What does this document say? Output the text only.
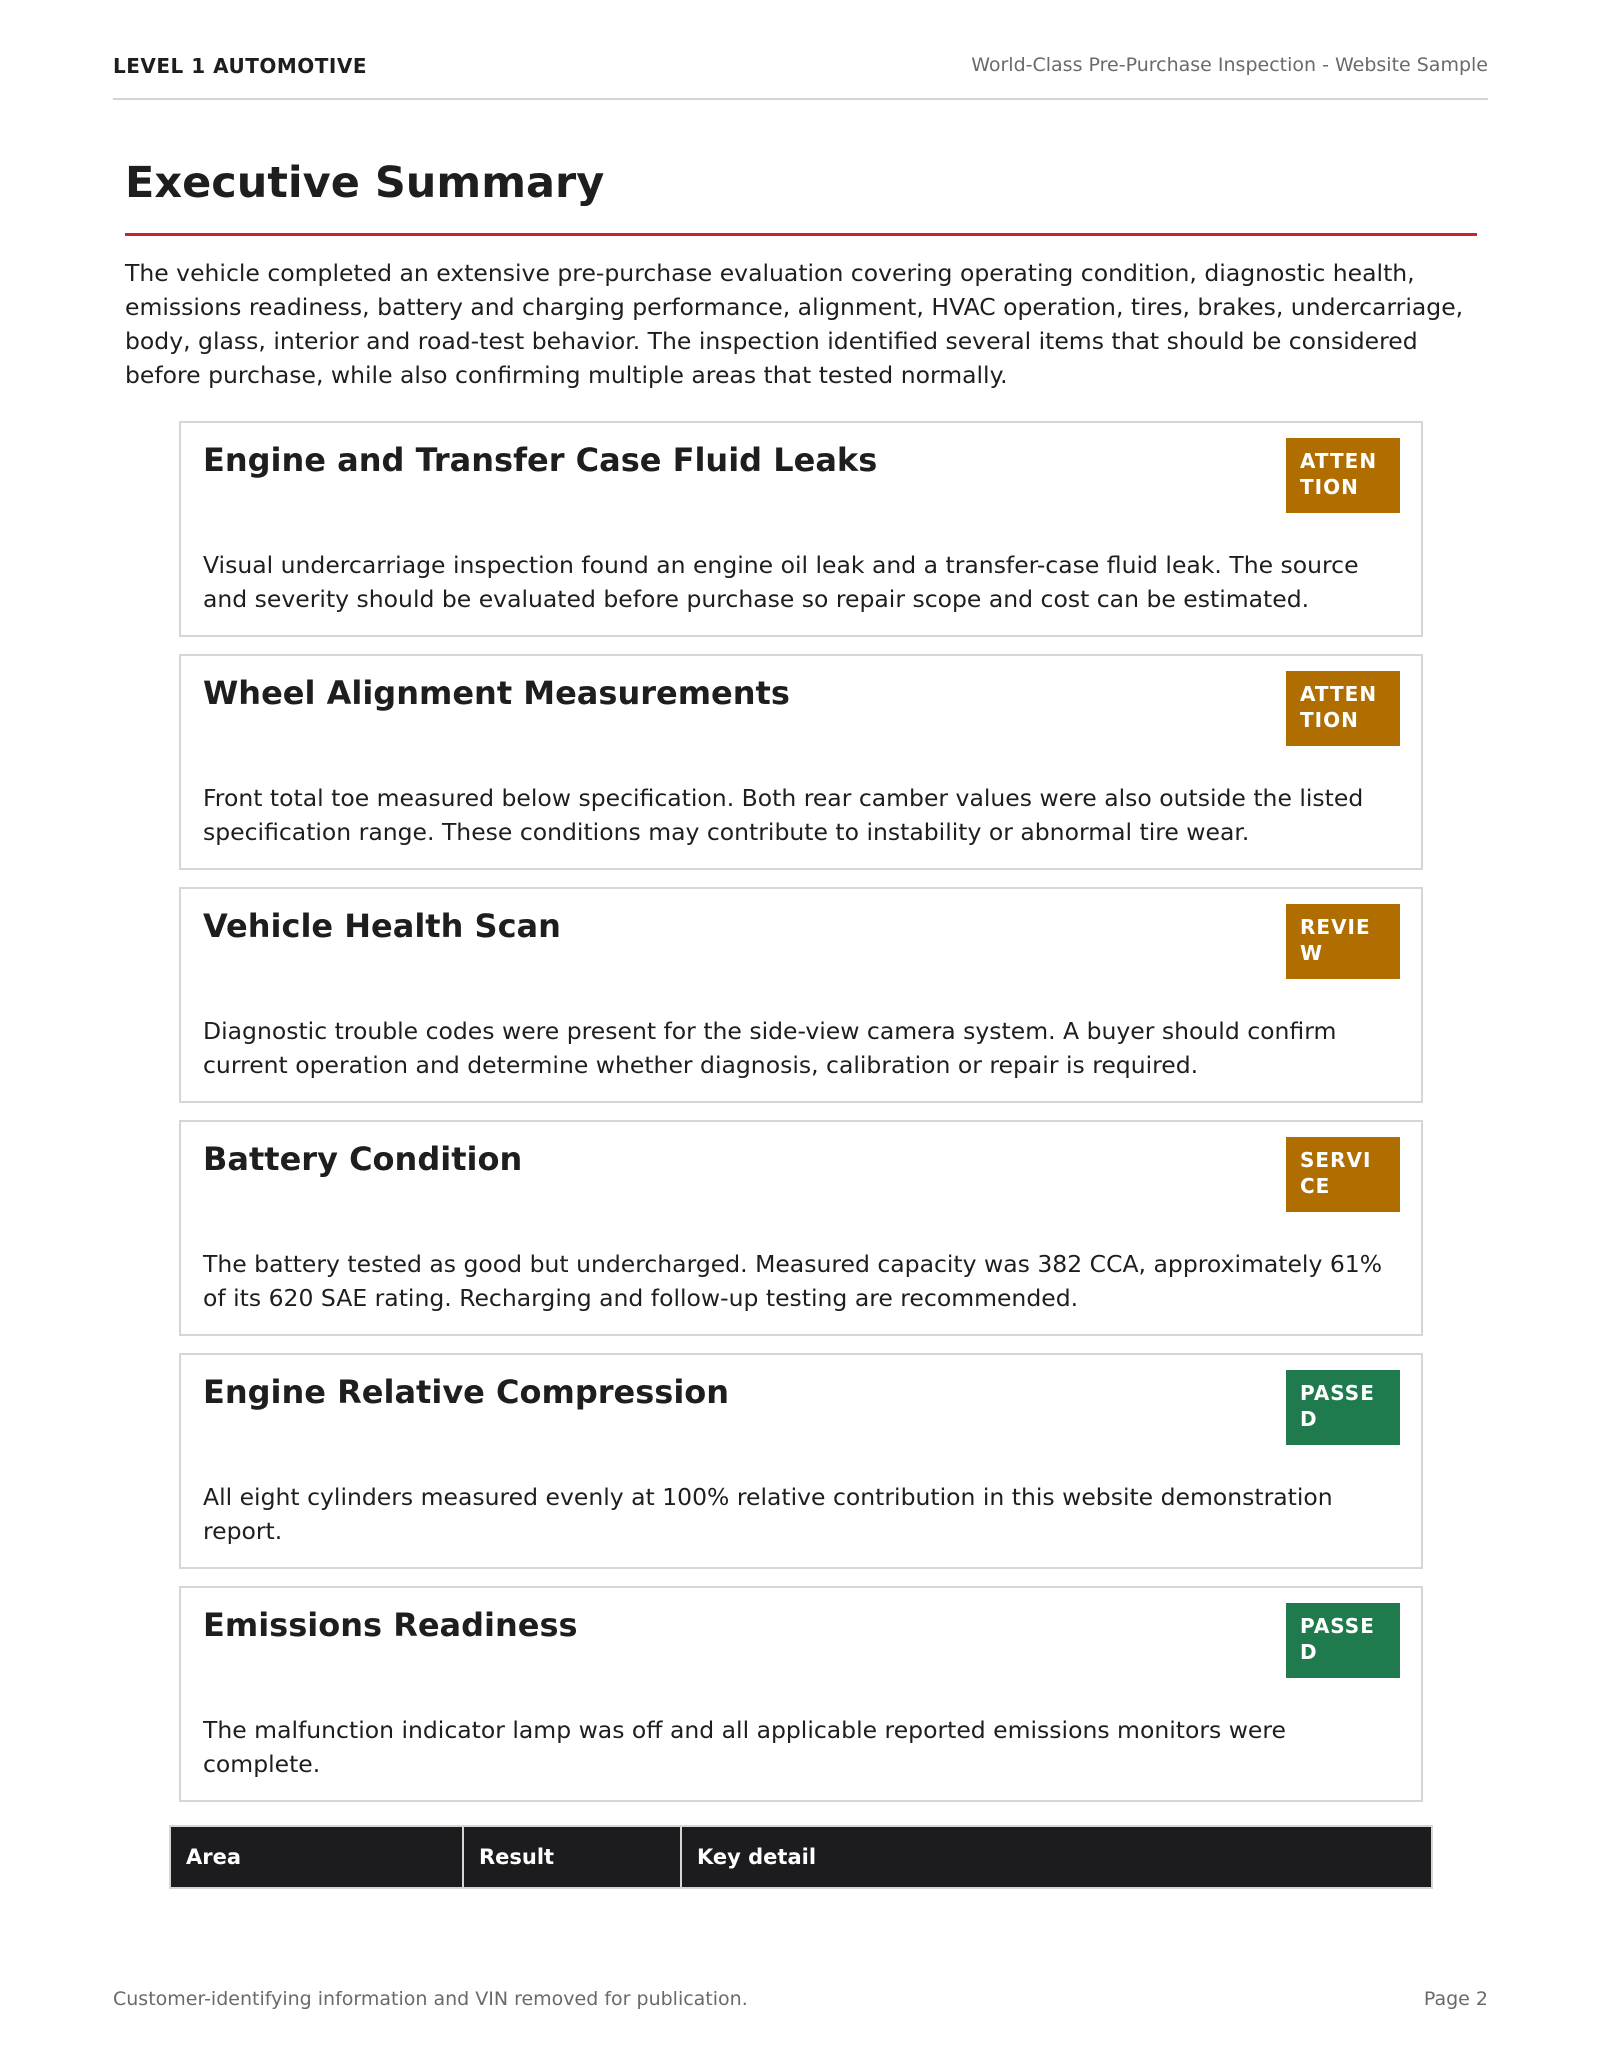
LEVEL 1 AUTOMOTIVE	World-Class Pre-Purchase Inspection - Website Sample
Executive Summary

The vehicle completed an extensive pre-purchase evaluation covering operating condition, diagnostic health, emissions readiness, battery and charging performance, alignment, HVAC operation, tires, brakes, undercarriage, body, glass, interior and road-test behavior. The inspection identified several items that should be considered before purchase, while also confirming multiple areas that tested normally.

Engine and Transfer Case Fluid Leaks	ATTENTION

Visual undercarriage inspection found an engine oil leak and a transfer-case fluid leak. The source and severity should be evaluated before purchase so repair scope and cost can be estimated.

Wheel Alignment Measurements	ATTENTION

Front total toe measured below specification. Both rear camber values were also outside the listed specification range. These conditions may contribute to instability or abnormal tire wear.

Vehicle Health Scan	REVIEW

Diagnostic trouble codes were present for the side-view camera system. A buyer should confirm current operation and determine whether diagnosis, calibration or repair is required.

Battery Condition	SERVICE

The battery tested as good but undercharged. Measured capacity was 382 CCA, approximately 61% of its 620 SAE rating. Recharging and follow-up testing are recommended.

Engine Relative Compression	PASSED

All eight cylinders measured evenly at 100% relative contribution in this website demonstration report.

Emissions Readiness	PASSED

The malfunction indicator lamp was off and all applicable reported emissions monitors were complete.

Area	Result	Key detail
Customer-identifying information and VIN removed for publication.	Page 2
